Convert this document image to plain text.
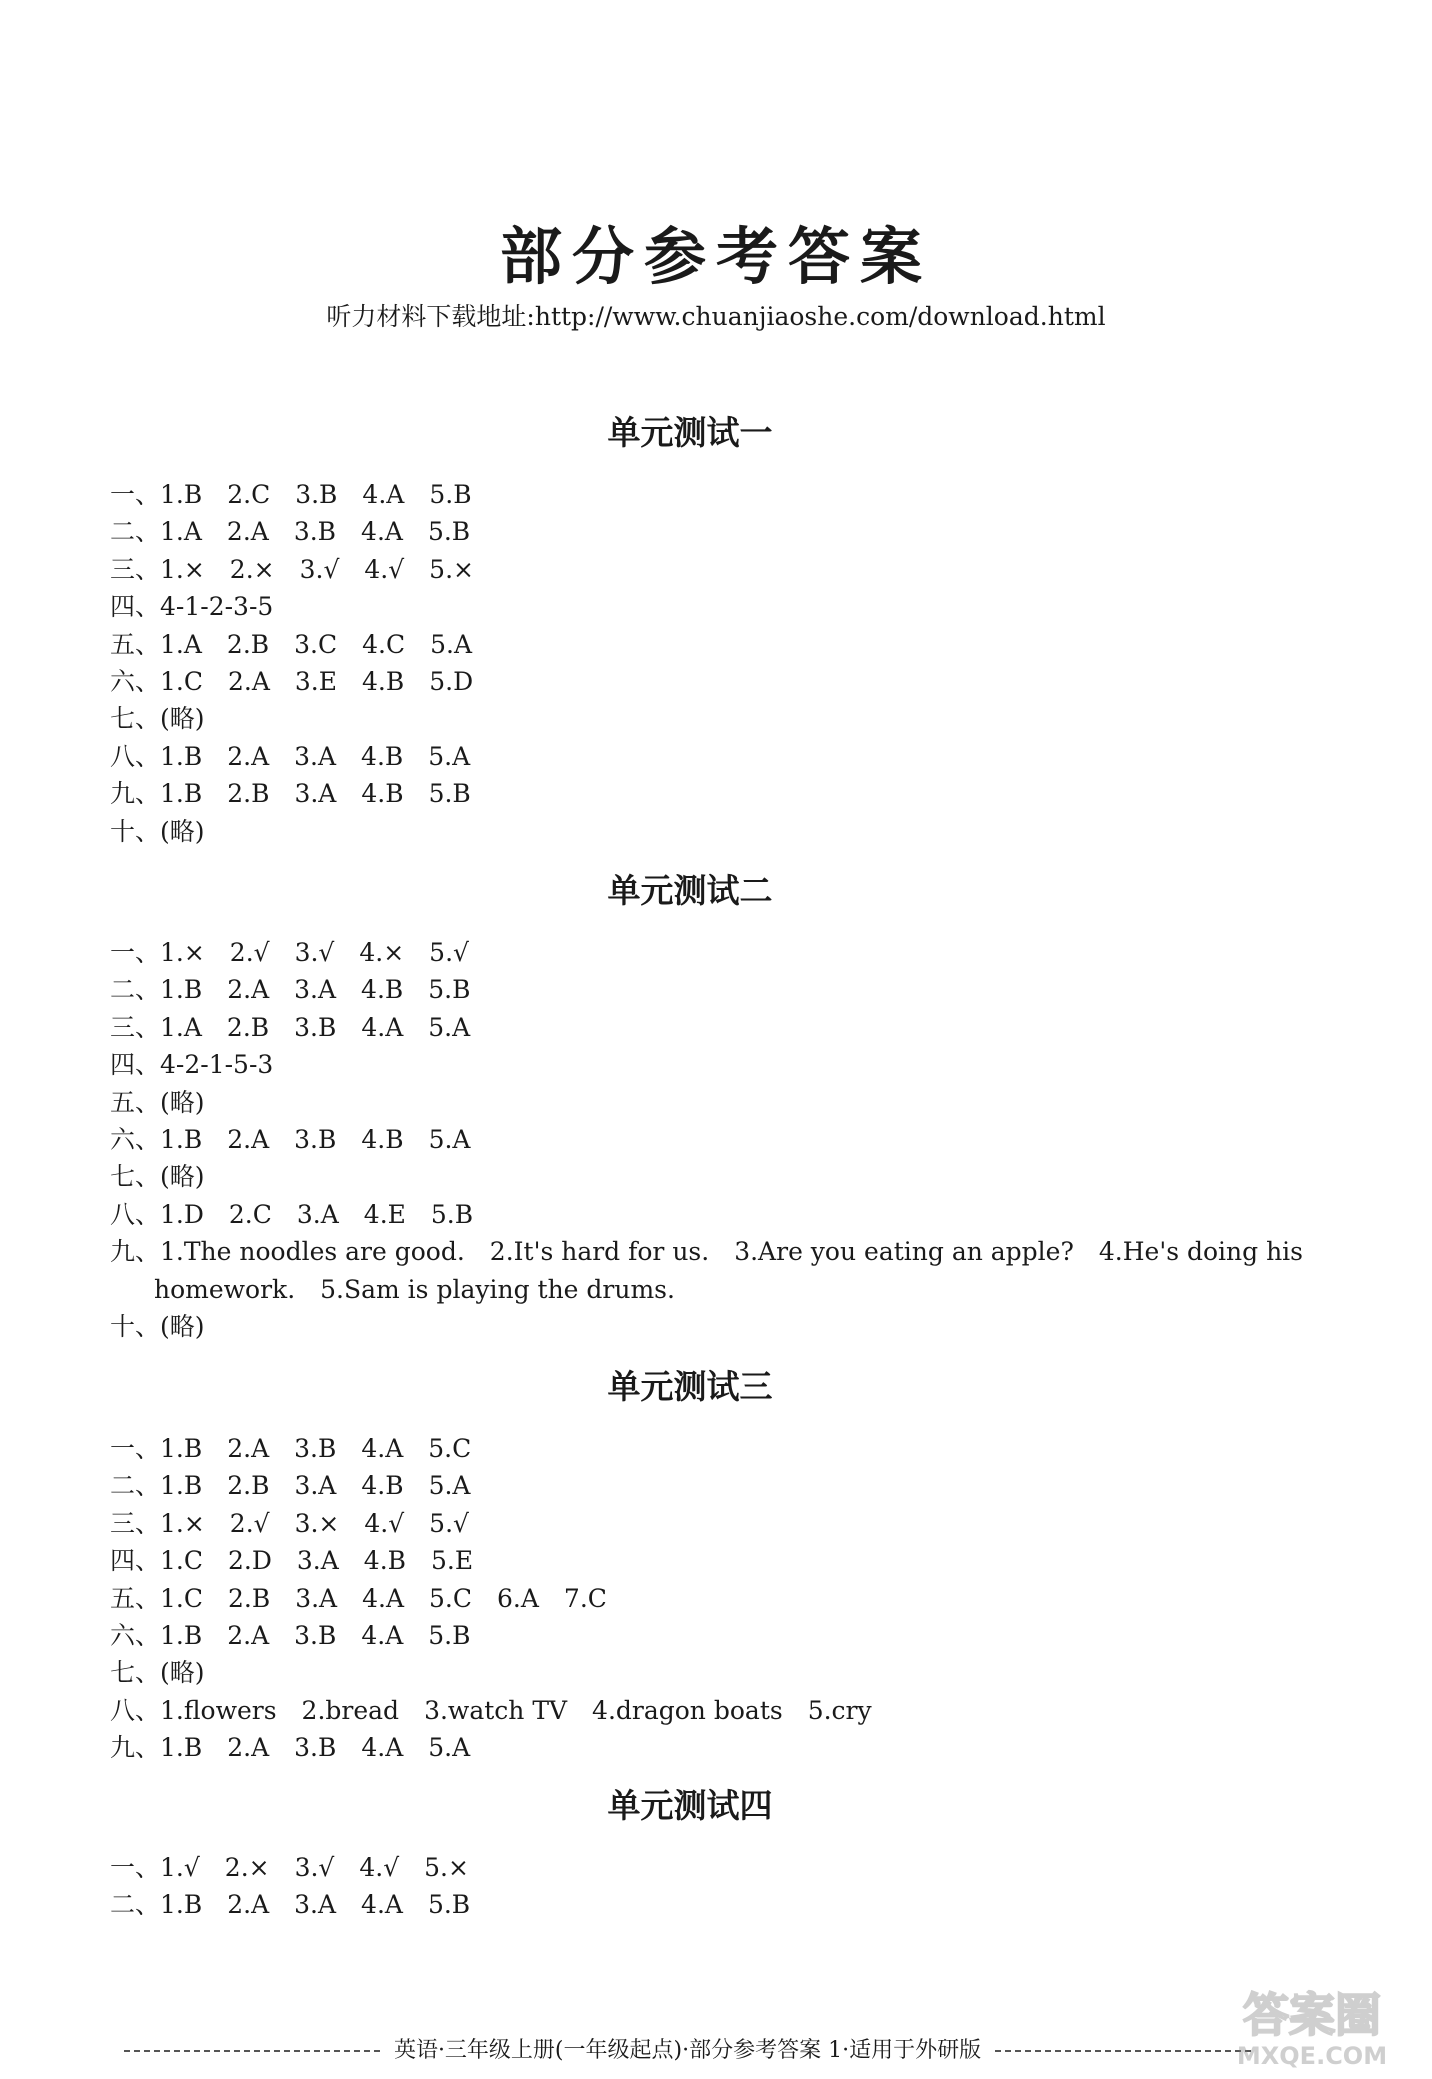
部分参考答案
听力材料下载地址:http://www.chuanjiaoshe.com/download.html
单元测试一
一、1.B　2.C　3.B　4.A　5.B
二、1.A　2.A　3.B　4.A　5.B
三、1.×　2.×　3.√　4.√　5.×
四、4-1-2-3-5
五、1.A　2.B　3.C　4.C　5.A
六、1.C　2.A　3.E　4.B　5.D
七、(略)
八、1.B　2.A　3.A　4.B　5.A
九、1.B　2.B　3.A　4.B　5.B
十、(略)
单元测试二
一、1.×　2.√　3.√　4.×　5.√
二、1.B　2.A　3.A　4.B　5.B
三、1.A　2.B　3.B　4.A　5.A
四、4-2-1-5-3
五、(略)
六、1.B　2.A　3.B　4.B　5.A
七、(略)
八、1.D　2.C　3.A　4.E　5.B
九、1.The noodles are good.　2.It's hard for us.　3.Are you eating an apple?　4.He's doing his
homework.　5.Sam is playing the drums.
十、(略)
单元测试三
一、1.B　2.A　3.B　4.A　5.C
二、1.B　2.B　3.A　4.B　5.A
三、1.×　2.√　3.×　4.√　5.√
四、1.C　2.D　3.A　4.B　5.E
五、1.C　2.B　3.A　4.A　5.C　6.A　7.C
六、1.B　2.A　3.B　4.A　5.B
七、(略)
八、1.flowers　2.bread　3.watch TV　4.dragon boats　5.cry
九、1.B　2.A　3.B　4.A　5.A
单元测试四
一、1.√　2.×　3.√　4.√　5.×
二、1.B　2.A　3.A　4.A　5.B
英语·三年级上册(一年级起点)·部分参考答案 1·适用于外研版
答案圈
MXQE.COM
